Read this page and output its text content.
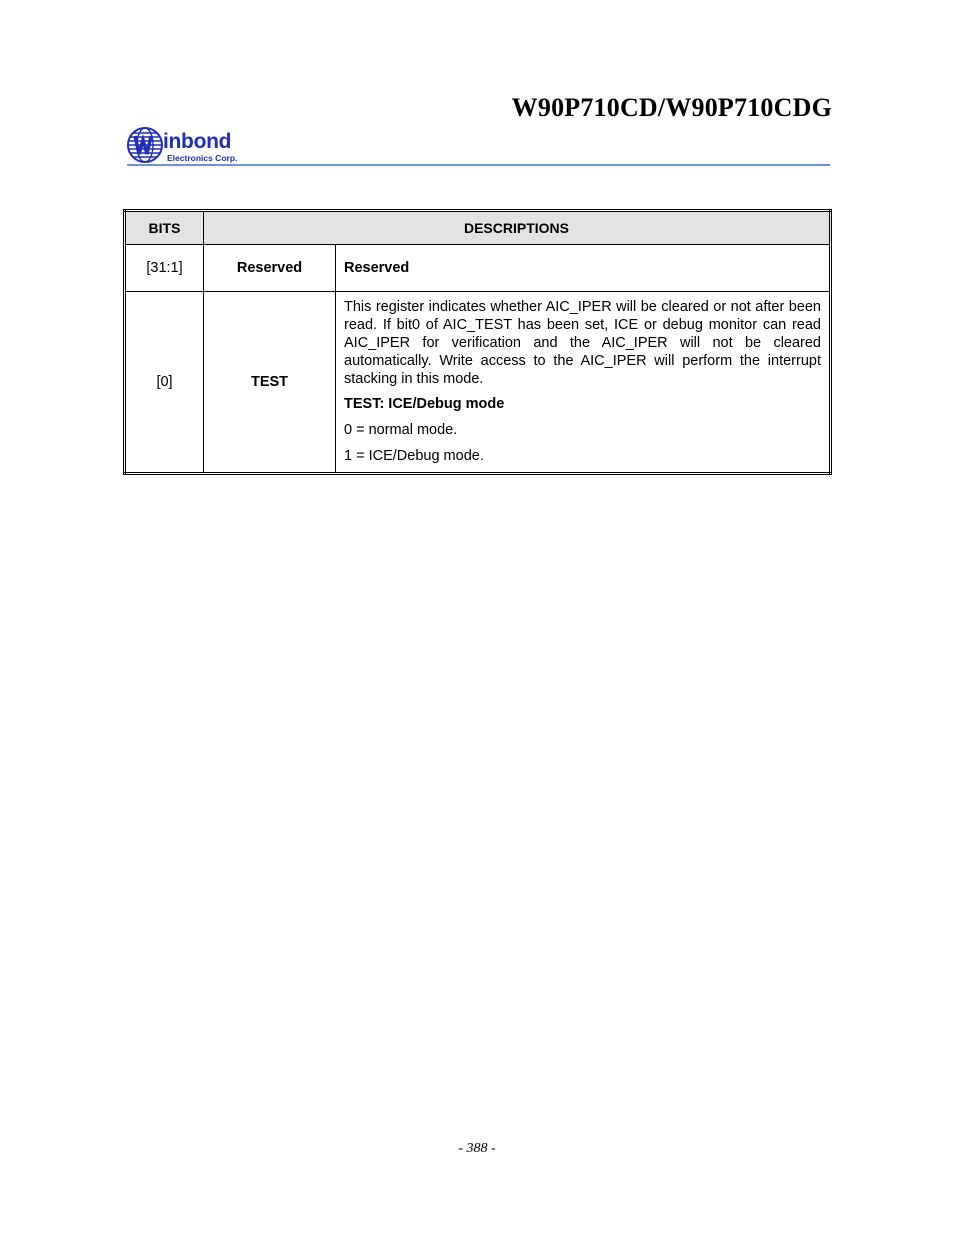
W90P710CD/W90P710CDG
inbond
Electronics Corp.
BITS	DESCRIPTIONS	
[31:1]	Reserved	Reserved
[0]	TEST	This register indicates whether AIC_IPER will be cleared or not after been read. If bit0 of AIC_TEST has been set, ICE or debug monitor can read AIC_IPER for verification and the AIC_IPER will not be cleared automatically. Write access to the AIC_IPER will perform the interrupt stacking in this mode.
TEST: ICE/Debug mode
0 = normal mode.
1 = ICE/Debug mode.
- 388 -
